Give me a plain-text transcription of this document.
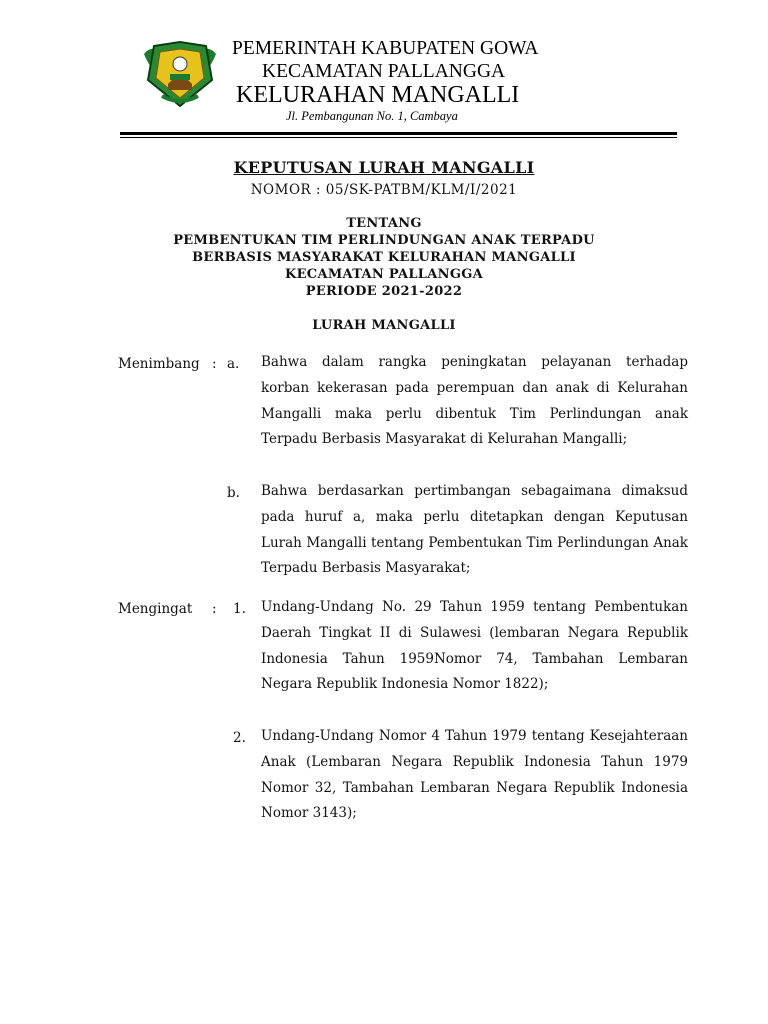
PEMERINTAH KABUPATEN GOWA
KECAMATAN PALLANGGA
KELURAHAN MANGALLI
Jl. Pembangunan No. 1, Cambaya
KEPUTUSAN LURAH MANGALLI
NOMOR : 05/SK-PATBM/KLM/I/2021
TENTANG
PEMBENTUKAN TIM PERLINDUNGAN ANAK TERPADU
BERBASIS MASYARAKAT KELURAHAN MANGALLI
KECAMATAN PALLANGGA
PERIODE 2021-2022
LURAH MANGALLI
Menimbang : a. Bahwa dalam rangka peningkatan pelayanan terhadap korban kekerasan pada perempuan dan anak di Kelurahan Mangalli maka perlu dibentuk Tim Perlindungan anak Terpadu Berbasis Masyarakat di Kelurahan Mangalli;
b. Bahwa berdasarkan pertimbangan sebagaimana dimaksud pada huruf a, maka perlu ditetapkan dengan Keputusan Lurah Mangalli tentang Pembentukan Tim Perlindungan Anak Terpadu Berbasis Masyarakat;
Mengingat : 1. Undang-Undang No. 29 Tahun 1959 tentang Pembentukan Daerah Tingkat II di Sulawesi (lembaran Negara Republik Indonesia Tahun 1959Nomor 74, Tambahan Lembaran Negara Republik Indonesia Nomor 1822);
2. Undang-Undang Nomor 4 Tahun 1979 tentang Kesejahteraan Anak (Lembaran Negara Republik Indonesia Tahun 1979 Nomor 32, Tambahan Lembaran Negara Republik Indonesia Nomor 3143);
